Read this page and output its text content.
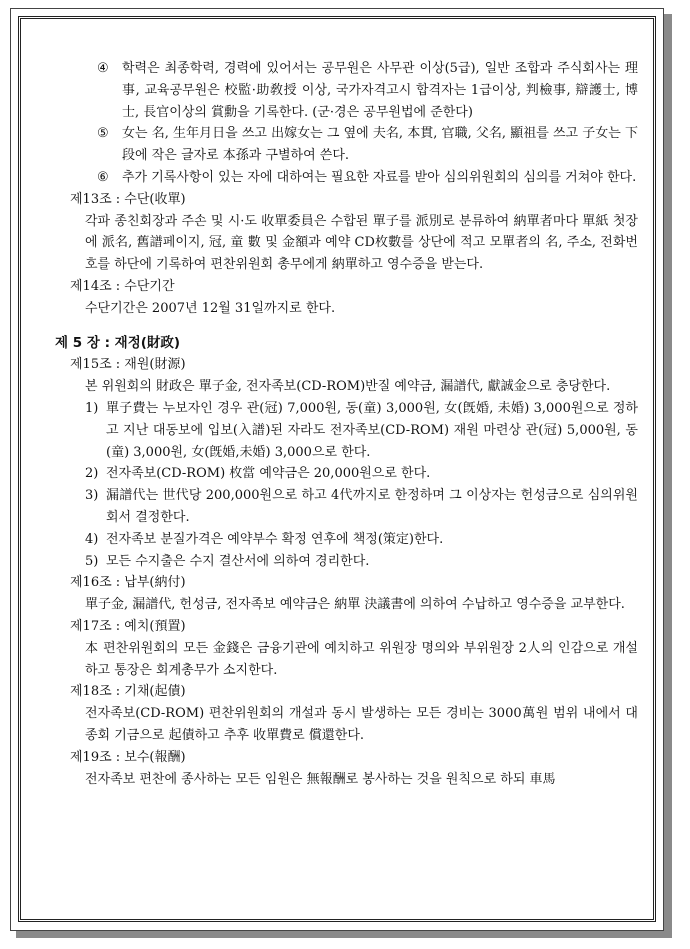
④ 학력은 최종학력, 경력에 있어서는 공무원은 사무관 이상(5급), 일반 조합과 주식회사는 理事, 교육공무원은 校監·助敎授 이상, 국가자격고시 합격자는 1급이상, 判檢事, 辯護士, 博士, 長官이상의 賞勳을 기록한다. (군·경은 공무원법에 준한다)
⑤ 女는 名, 生年月日을 쓰고 出嫁女는 그 옆에 夫名, 本貫, 官職, 父名, 顯祖를 쓰고 子女는 下段에 작은 글자로 本孫과 구별하여 쓴다.
⑥ 추가 기록사항이 있는 자에 대하여는 필요한 자료를 받아 심의위원회의 심의를 거쳐야 한다.
제13조 : 수단(收單)
각파 종친회장과 주손 및 시·도 收單委員은 수합된 單子를 派別로 분류하여 納單者마다 單紙 첫장에 派名, 舊譜페이지, 冠, 童 數 및 金額과 예약 CD枚數를 상단에 적고 모單者의 名, 주소, 전화번호를 하단에 기록하여 편찬위원회 총무에게 納單하고 영수증을 받는다.
제14조 : 수단기간
수단기간은 2007년 12월 31일까지로 한다.
제 5 장 : 재정(財政)
제15조 : 재원(財源)
본 위원회의 財政은 單子金, 전자족보(CD-ROM)반질 예약금, 漏譜代, 獻誠金으로 충당한다.
1) 單子費는 누보자인 경우 관(冠) 7,000원, 동(童) 3,000원, 女(旣婚, 未婚) 3,000원으로 정하고 지난 대동보에 입보(入譜)된 자라도 전자족보(CD-ROM) 재원 마련상 관(冠) 5,000원, 동(童) 3,000원, 女(旣婚,未婚) 3,000으로 한다.
2) 전자족보(CD-ROM) 枚當 예약금은 20,000원으로 한다.
3) 漏譜代는 世代당 200,000원으로 하고 4代까지로 한정하며 그 이상자는 헌성금으로 심의위원회서 결정한다.
4) 전자족보 분질가격은 예약부수 확정 연후에 책정(策定)한다.
5) 모든 수지출은 수지 결산서에 의하여 경리한다.
제16조 : 납부(納付)
單子金, 漏譜代, 헌성금, 전자족보 예약금은 納單 決議書에 의하여 수납하고 영수증을 교부한다.
제17조 : 예치(預置)
本 편찬위원회의 모든 金錢은 금융기관에 예치하고 위원장 명의와 부위원장 2人의 인감으로 개설하고 통장은 회계총무가 소지한다.
제18조 : 기채(起債)
전자족보(CD-ROM) 편찬위원회의 개설과 동시 발생하는 모든 경비는 3000萬원 범위 내에서 대종회 기금으로 起債하고 추후 收單費로 償還한다.
제19조 : 보수(報酬)
전자족보 편찬에 종사하는 모든 임원은 無報酬로 봉사하는 것을 원칙으로 하되 車馬
